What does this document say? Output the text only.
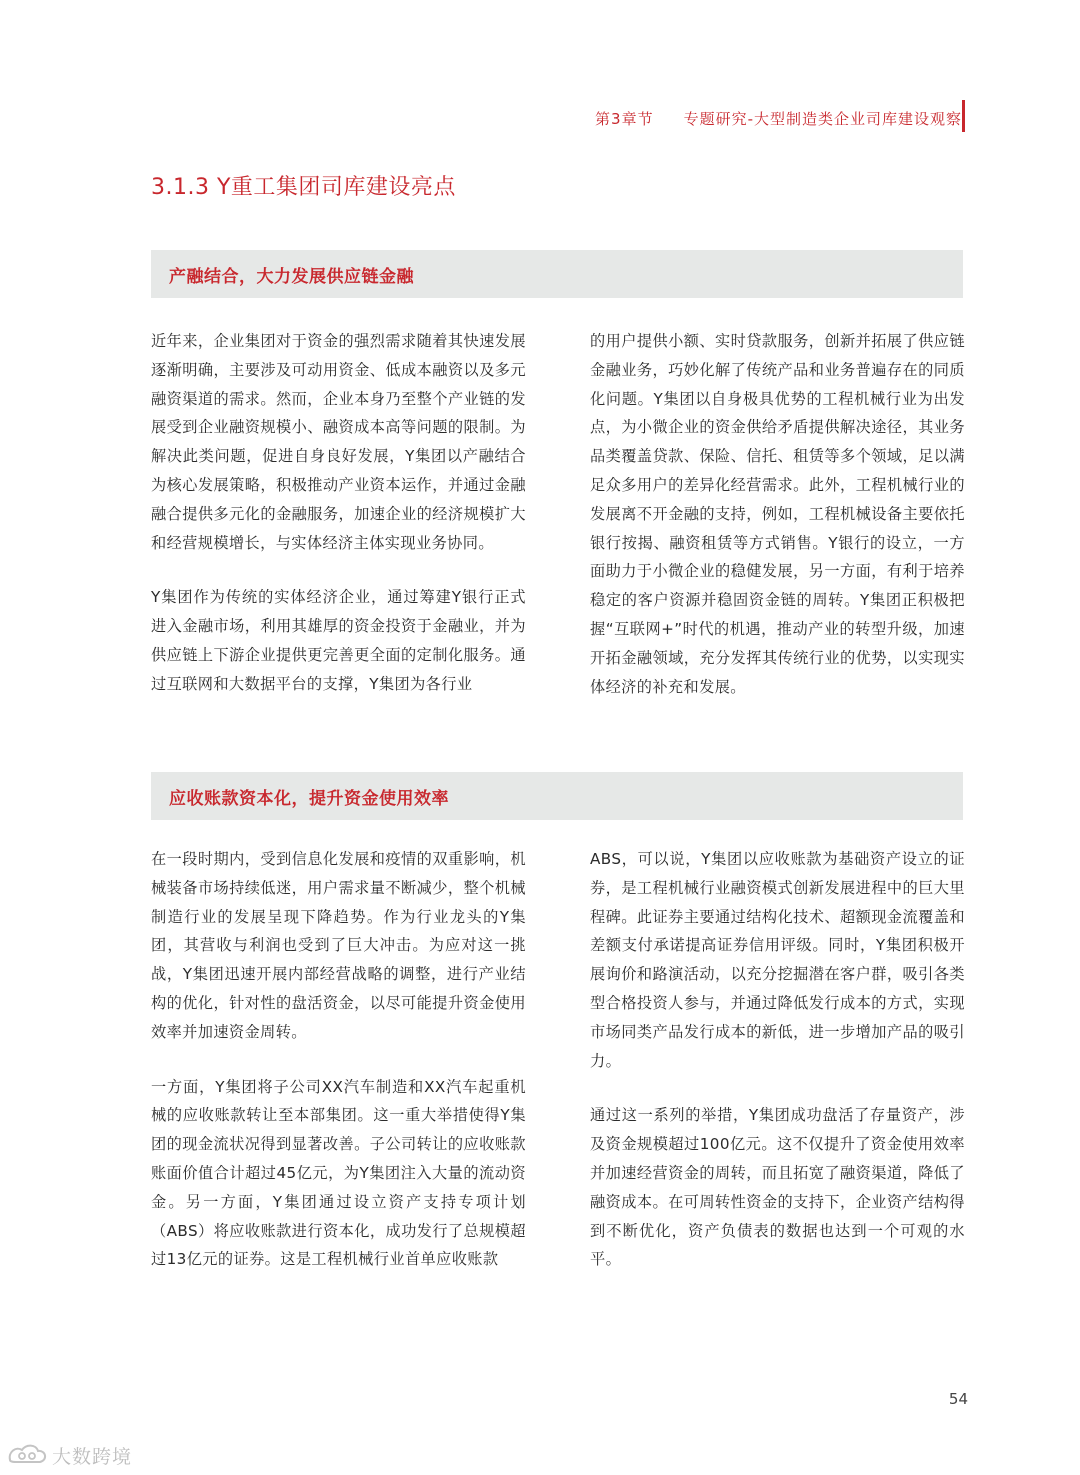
第3章节 专题研究-大型制造类企业司库建设观察
3.1.3 Y重工集团司库建设亮点
产融结合，大力发展供应链金融

近年来，企业集团对于资金的强烈需求随着其快速发展逐渐明确，主要涉及可动用资金、低成本融资以及多元融资渠道的需求。然而，企业本身乃至整个产业链的发展受到企业融资规模小、融资成本高等问题的限制。为解决此类问题，促进自身良好发展，Y集团以产融结合为核心发展策略，积极推动产业资本运作，并通过金融融合提供多元化的金融服务，加速企业的经济规模扩大和经营规模增长，与实体经济主体实现业务协同。

Y集团作为传统的实体经济企业，通过筹建Y银行正式进入金融市场，利用其雄厚的资金投资于金融业，并为供应链上下游企业提供更完善更全面的定制化服务。通过互联网和大数据平台的支撑，Y集团为各行业

的用户提供小额、实时贷款服务，创新并拓展了供应链金融业务，巧妙化解了传统产品和业务普遍存在的同质化问题。Y集团以自身极具优势的工程机械行业为出发点，为小微企业的资金供给矛盾提供解决途径，其业务品类覆盖贷款、保险、信托、租赁等多个领域，足以满足众多用户的差异化经营需求。此外，工程机械行业的发展离不开金融的支持，例如，工程机械设备主要依托银行按揭、融资租赁等方式销售。Y银行的设立，一方面助力于小微企业的稳健发展，另一方面，有利于培养稳定的客户资源并稳固资金链的周转。Y集团正积极把握“互联网+”时代的机遇，推动产业的转型升级，加速开拓金融领域，充分发挥其传统行业的优势，以实现实体经济的补充和发展。

应收账款资本化，提升资金使用效率

在一段时期内，受到信息化发展和疫情的双重影响，机械装备市场持续低迷，用户需求量不断减少，整个机械制造行业的发展呈现下降趋势。作为行业龙头的Y集团，其营收与利润也受到了巨大冲击。为应对这一挑战，Y集团迅速开展内部经营战略的调整，进行产业结构的优化，针对性的盘活资金，以尽可能提升资金使用效率并加速资金周转。

一方面，Y集团将子公司XX汽车制造和XX汽车起重机械的应收账款转让至本部集团。这一重大举措使得Y集团的现金流状况得到显著改善。子公司转让的应收账款账面价值合计超过45亿元，为Y集团注入大量的流动资金。另一方面，Y集团通过设立资产支持专项计划（ABS）将应收账款进行资本化，成功发行了总规模超过13亿元的证券。这是工程机械行业首单应收账款

ABS，可以说，Y集团以应收账款为基础资产设立的证券，是工程机械行业融资模式创新发展进程中的巨大里程碑。此证券主要通过结构化技术、超额现金流覆盖和差额支付承诺提高证券信用评级。同时，Y集团积极开展询价和路演活动，以充分挖掘潜在客户群，吸引各类型合格投资人参与，并通过降低发行成本的方式，实现市场同类产品发行成本的新低，进一步增加产品的吸引力。

通过这一系列的举措，Y集团成功盘活了存量资产，涉及资金规模超过100亿元。这不仅提升了资金使用效率并加速经营资金的周转，而且拓宽了融资渠道，降低了融资成本。在可周转性资金的支持下，企业资产结构得到不断优化，资产负债表的数据也达到一个可观的水平。

54
大数跨境
